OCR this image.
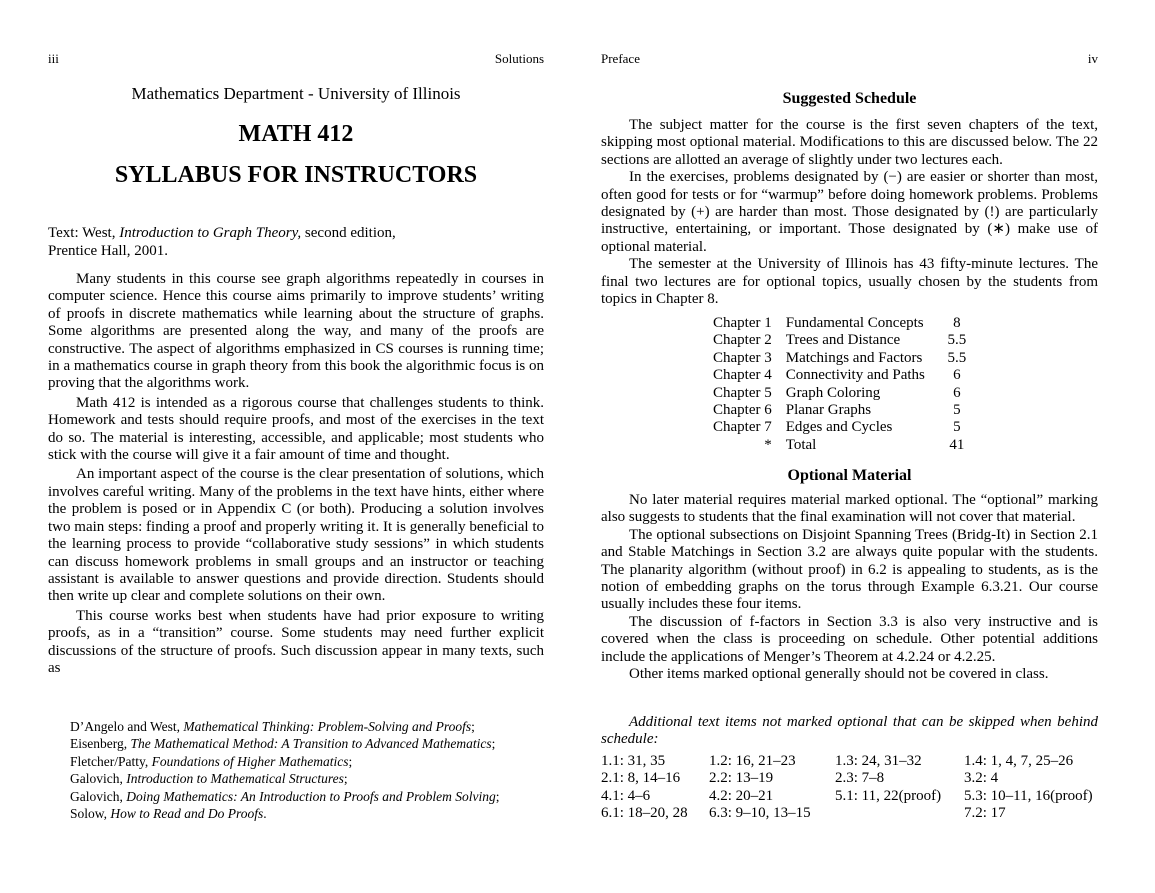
iii	Solutions
Mathematics Department - University of Illinois
MATH 412
SYLLABUS FOR INSTRUCTORS
Text: West, Introduction to Graph Theory, second edition,
Prentice Hall, 2001.

Many students in this course see graph algorithms repeatedly in courses in computer science. Hence this course aims primarily to improve students’ writing of proofs in discrete mathematics while learning about the structure of graphs. Some algorithms are presented along the way, and many of the proofs are constructive. The aspect of algorithms emphasized in CS courses is running time; in a mathematics course in graph theory from this book the algorithmic focus is on proving that the algorithms work.

Math 412 is intended as a rigorous course that challenges students to think. Homework and tests should require proofs, and most of the exercises in the text do so. The material is interesting, accessible, and applicable; most students who stick with the course will give it a fair amount of time and thought.

An important aspect of the course is the clear presentation of solutions, which involves careful writing. Many of the problems in the text have hints, either where the problem is posed or in Appendix C (or both). Producing a solution involves two main steps: finding a proof and properly writing it. It is generally beneficial to the learning process to provide “collaborative study sessions” in which students can discuss homework problems in small groups and an instructor or teaching assistant is available to answer questions and provide direction. Students should then write up clear and complete solutions on their own.

This course works best when students have had prior exposure to writing proofs, as in a “transition” course. Some students may need further explicit discussions of the structure of proofs. Such discussion appear in many texts, such as

D’Angelo and West, Mathematical Thinking: Problem-Solving and Proofs;
Eisenberg, The Mathematical Method: A Transition to Advanced Mathematics;
Fletcher/Patty, Foundations of Higher Mathematics;
Galovich, Introduction to Mathematical Structures;
Galovich, Doing Mathematics: An Introduction to Proofs and Problem Solving;
Solow, How to Read and Do Proofs.
Preface	iv
Suggested Schedule

The subject matter for the course is the first seven chapters of the text, skipping most optional material. Modifications to this are discussed below. The 22 sections are allotted an average of slightly under two lectures each.

In the exercises, problems designated by (−) are easier or shorter than most, often good for tests or for “warmup” before doing homework problems. Problems designated by (+) are harder than most. Those designated by (!) are particularly instructive, entertaining, or important. Those designated by (∗) make use of optional material.

The semester at the University of Illinois has 43 fifty-minute lectures. The final two lectures are for optional topics, usually chosen by the students from topics in Chapter 8.

Chapter 1	Fundamental Concepts	8
Chapter 2	Trees and Distance	5.5
Chapter 3	Matchings and Factors	5.5
Chapter 4	Connectivity and Paths	6
Chapter 5	Graph Coloring	6
Chapter 6	Planar Graphs	5
Chapter 7	Edges and Cycles	5
*	Total	41
Optional Material

No later material requires material marked optional. The “optional” marking also suggests to students that the final examination will not cover that material.

The optional subsections on Disjoint Spanning Trees (Bridg-It) in Section 2.1 and Stable Matchings in Section 3.2 are always quite popular with the students. The planarity algorithm (without proof) in 6.2 is appealing to students, as is the notion of embedding graphs on the torus through Example 6.3.21. Our course usually includes these four items.

The discussion of f-factors in Section 3.3 is also very instructive and is covered when the class is proceeding on schedule. Other potential additions include the applications of Menger’s Theorem at 4.2.24 or 4.2.25.

Other items marked optional generally should not be covered in class.

Additional text items not marked optional that can be skipped when behind schedule:
1.1: 31, 35	1.2: 16, 21–23	1.3: 24, 31–32	1.4: 1, 4, 7, 25–26
2.1: 8, 14–16	2.2: 13–19	2.3: 7–8	3.2: 4
4.1: 4–6	4.2: 20–21	5.1: 11, 22(proof)	5.3: 10–11, 16(proof)
6.1: 18–20, 28	6.3: 9–10, 13–15		7.2: 17
